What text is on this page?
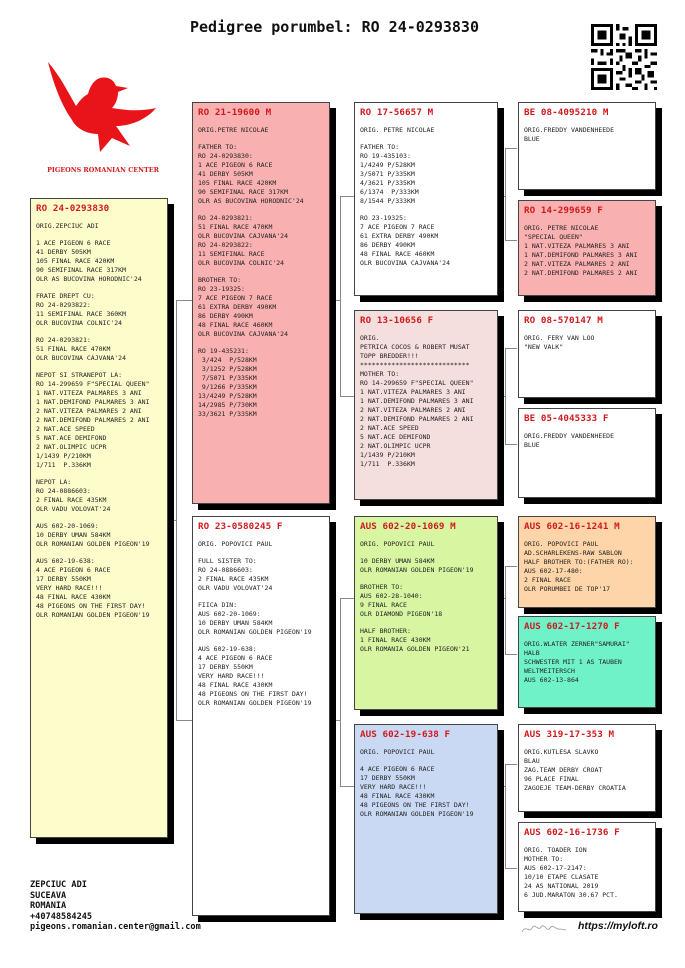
Pedigree porumbel: RO 24-0293830
PIGEONS ROMANIAN CENTER
RO 24-0293830
ORIG.ZEPCIUC ADI
1 ACE PIGEON 6 RACE
41 DERBY 505KM
105 FINAL RACE 420KM
90 SEMIFINAL RACE 317KM
OLR AS BUCOVINA HORODNIC'24
FRATE DREPT CU:
RO 24-0293822:
11 SEMIFINAL RACE 360KM
OLR BUCOVINA COLNIC'24
RO 24-0293821:
51 FINAL RACE 470KM
OLR BUCOVINA CAJVANA'24
NEPOT SI STRANEPOT LA:
RO 14-299659 F"SPECIAL QUEEN"
1 NAT.VITEZA PALMARES 3 ANI
1 NAT.DEMIFOND PALMARES 3 ANI
2 NAT.VITEZA PALMARES 2 ANI
2 NAT.DEMIFOND PALMARES 2 ANI
2 NAT.ACE SPEED
5 NAT.ACE DEMIFOND
2 NAT.OLIMPIC UCPR
1/1439 P/210KM
1/711  P.336KM
NEPOT LA:
RO 24-0886603:
2 FINAL RACE 435KM
OLR VADU VOLOVAT'24
AUS 602-20-1069:
10 DERBY UMAN 584KM
OLR ROMANIAN GOLDEN PIGEON'19
AUS 602-19-638:
4 ACE PIGEON 6 RACE
17 DERBY 550KM
VERY HARD RACE!!!
48 FINAL RACE 430KM
48 PIGEONS ON THE FIRST DAY!
OLR ROMANIAN GOLDEN PIGEON'19
RO 21-19600 M
ORIG.PETRE NICOLAE
FATHER TO:
RO 24-0293830:
1 ACE PIGEON 6 RACE
41 DERBY 505KM
105 FINAL RACE 420KM
90 SEMIFINAL RACE 317KM
OLR AS BUCOVINA HORODNIC'24
RO 24-0293821:
51 FINAL RACE 470KM
OLR BUCOVINA CAJVANA'24
RO 24-0293822:
11 SEMIFINAL RACE
OLR BUCOVINA COLNIC'24
BROTHER TO:
RO 23-19325:
7 ACE PIGEON 7 RACE
61 EXTRA DERBY 490KM
86 DERBY 490KM
48 FINAL RACE 460KM
OLR BUCOVINA CAJVANA'24
RO 19-435231:
3/424  P/528KM
3/1252 P/528KM
7/5071 P/335KM
9/1266 P/335KM
13/4249 P/528KM
14/2985 P/730KM
33/3621 P/335KM
RO 23-0580245 F
ORIG. POPOVICI PAUL
FULL SISTER TO:
RO 24-0886603:
2 FINAL RACE 435KM
OLR VADU VOLOVAT'24
FIICA DIN:
AUS 602-20-1069:
10 DERBY UMAN 584KM
OLR ROMANIAN GOLDEN PIGEON'19
AUS 602-19-638:
4 ACE PIGEON 6 RACE
17 DERBY 550KM
VERY HARD RACE!!!
48 FINAL RACE 430KM
48 PIGEONS ON THE FIRST DAY!
OLR ROMANIAN GOLDEN PIGEON'19
RO 17-56657 M
ORIG. PETRE NICOLAE
FATHER TO:
RO 19-435103:
1/4249 P/528KM
3/5071 P/335KM
4/3621 P/335KM
6/1374  P/333KM
8/1544 P/333KM
RO 23-19325:
7 ACE PIGEON 7 RACE
61 EXTRA DERBY 490KM
86 DERBY 490KM
48 FINAL RACE 460KM
OLR BUCOVINA CAJVANA'24
RO 13-10656 F
ORIG.
PETRICA COCOS & ROBERT MUSAT
TOPP BREDDER!!!
****************************
MOTHER TO:
RO 14-299659 F"SPECIAL QUEEN"
1 NAT.VITEZA PALMARES 3 ANI
1 NAT.DEMIFOND PALMARES 3 ANI
2 NAT.VITEZA PALMARES 2 ANI
2 NAT.DEMIFOND PALMARES 2 ANI
2 NAT.ACE SPEED
5 NAT.ACE DEMIFOND
2 NAT.OLIMPIC UCPR
1/1439 P/210KM
1/711  P.336KM
AUS 602-20-1069 M
ORIG. POPOVICI PAUL
10 DERBY UMAN 584KM
OLR ROMANIAN GOLDEN PIGEON'19
BROTHER TO:
AUS 602-28-1040:
9 FINAL RACE
OLR DIAMOND PIGEON'18
HALF BROTHER:
1 FINAL RACE 430KM
OLR ROMANIA GOLDEN PIGEON'21
AUS 602-19-638 F
ORIG. POPOVICI PAUL
4 ACE PIGEON 6 RACE
17 DERBY 550KM
VERY HARD RACE!!!
48 FINAL RACE 430KM
48 PIGEONS ON THE FIRST DAY!
OLR ROMANIAN GOLDEN PIGEON'19
BE 08-4095210 M
ORIG.FREDDY VANDENHEEDE
BLUE
RO 14-299659 F
ORIG. PETRE NICOLAE
"SPECIAL QUEEN"
1 NAT.VITEZA PALMARES 3 ANI
1 NAT.DEMIFOND PALMARES 3 ANI
2 NAT.VITEZA PALMARES 2 ANI
2 NAT.DEMIFOND PALMARES 2 ANI
RO 08-570147 M
ORIG. FERY VAN LOO
"NEW VALK"
BE 05-4045333 F
ORIG.FREDDY VANDENHEEDE
BLUE
AUS 602-16-1241 M
ORIG. POPOVICI PAUL
AD.SCHARLEKENS-RAW SABLON
HALF BROTHER TO:(FATHER RO):
AUS 602-17-480:
2 FINAL RACE
OLR PORUMBEI DE TOP'17
AUS 602-17-1270 F
ORIG.WLATER ZERNER"SAMURAI"
HALB
SCHWESTER MIT 1 AS TAUBEN
WELTMEITERSCH
AUS 602-13-864
AUS 319-17-353 M
ORIG.KUTLESA SLAVKO
BLAU
ZAG.TEAM DERBY CROAT
96 PLACE FINAL
ZAGOEJE TEAM-DERBY CROATIA
AUS 602-16-1736 F
ORIG. TOADER ION
MOTHER TO:
AUS 602-17-2147:
10/10 ETAPE CLASATE
24 AS NATIONAL 2019
6 JUD.MARATON 30.67 PCT.
ZEPCIUC ADI
SUCEAVA
ROMANIA
+40748584245
pigeons.romanian.center@gmail.com	https://myloft.ro
